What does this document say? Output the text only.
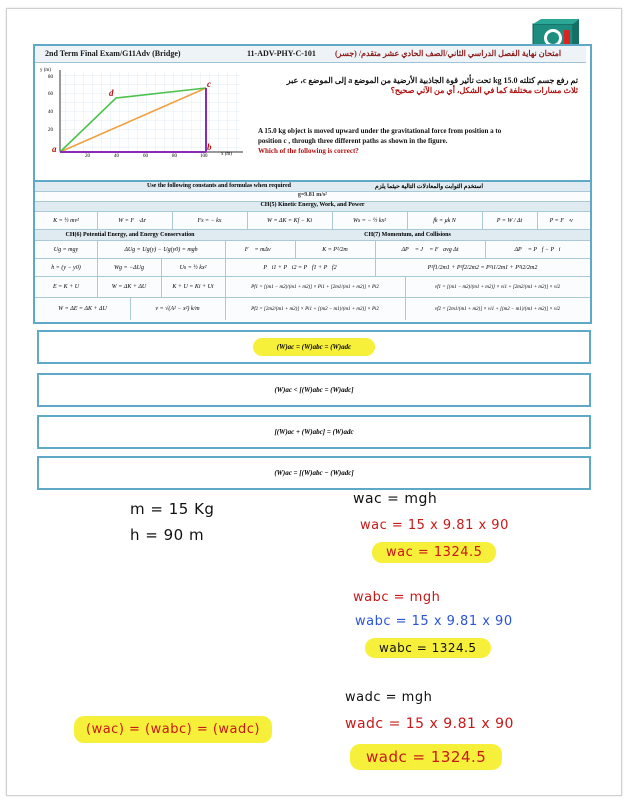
2nd Term Final Exam/G11Adv (Bridge)	11-ADV-PHY-C-101 امتحان نهاية الفصل الدراسي الثاني/الصف الحادي عشر متقدم/ (جسر)
y (m)
x (m)
20
40
60
80
20	40	60	80	100
a	b
c
d
تم رفع جسم كتلته 15.0 kg تحت تأثير قوة الجاذبية الأرضية من الموضع a إلى الموضع c، عبر
ثلاث مسارات مختلفة كما في الشكل، أي من الآتي صحيح؟
A 15.0 kg object is moved upward under the gravitational force from position a to
position c , through three different paths as shown in the figure.
Which of the following is correct?
Use the following constants and formulas when required	استخدم الثوابت والمعادلات التالية حيثما يلزم
g=9.81 m/s²
CH(5) Kinetic Energy, Work, and Power
K = ½ mv²	W = F⃗·Δr⃗	Fs = − kx	W = ΔK = Kf − Ki	Ws = − ½ kx²	fk = μk N	P = W / Δt	P = F⃗·v⃗
CH(6) Potential Energy, and Energy Conservation	CH(7) Momentum, and Collisions
Ug = mgy	ΔUg = Ug(y) − Ug(y0) = mgh
h = (y − y0)	Wg = −ΔUg	Us = ½ kx²
E = K + U	W = ΔK + ΔU	K + U = Ki + Ui
W = ΔE = ΔK + ΔU	v = √(A² − x²) k/m
F⃗ = mΔv⃗	K = P²/2m	ΔP⃗ = J⃗ = F⃗avg Δt	ΔP⃗ = P⃗f − P⃗i
P⃗i1 + P⃗i2 = P⃗f1 + P⃗f2	P²f1/2m1 + P²f2/2m2 = P²i1/2m1 + P²i2/2m2
Pf1 = [(m1 − m2)/(m1 + m2)] × Pi1 + [2m1/(m1 + m2)] × Pi2	vf1 = [(m1 − m2)/(m1 + m2)] × vi1 + [2m2/(m1 + m2)] × vi2
Pf2 = [2m2/(m1 + m2)] × Pi1 + [(m2 − m1)/(m1 + m2)] × Pi2	vf2 = [2m1/(m1 + m2)] × vi1 + [(m2 − m1)/(m1 + m2)] × vi2
(W)ac = (W)abc = (W)adc
(W)ac < [(W)abc = (W)adc]
[(W)ac + (W)abc] = (W)adc
(W)ac = [(W)abc − (W)adc]
m = 15 Kg
h = 90 m
wac = mgh
wac = 15 x 9.81 x 90
wac = 1324.5
wabc = mgh
wabc = 15 x 9.81 x 90
wabc = 1324.5
wadc = mgh
wadc = 15 x 9.81 x 90
wadc = 1324.5
(wac) = (wabc) = (wadc)
